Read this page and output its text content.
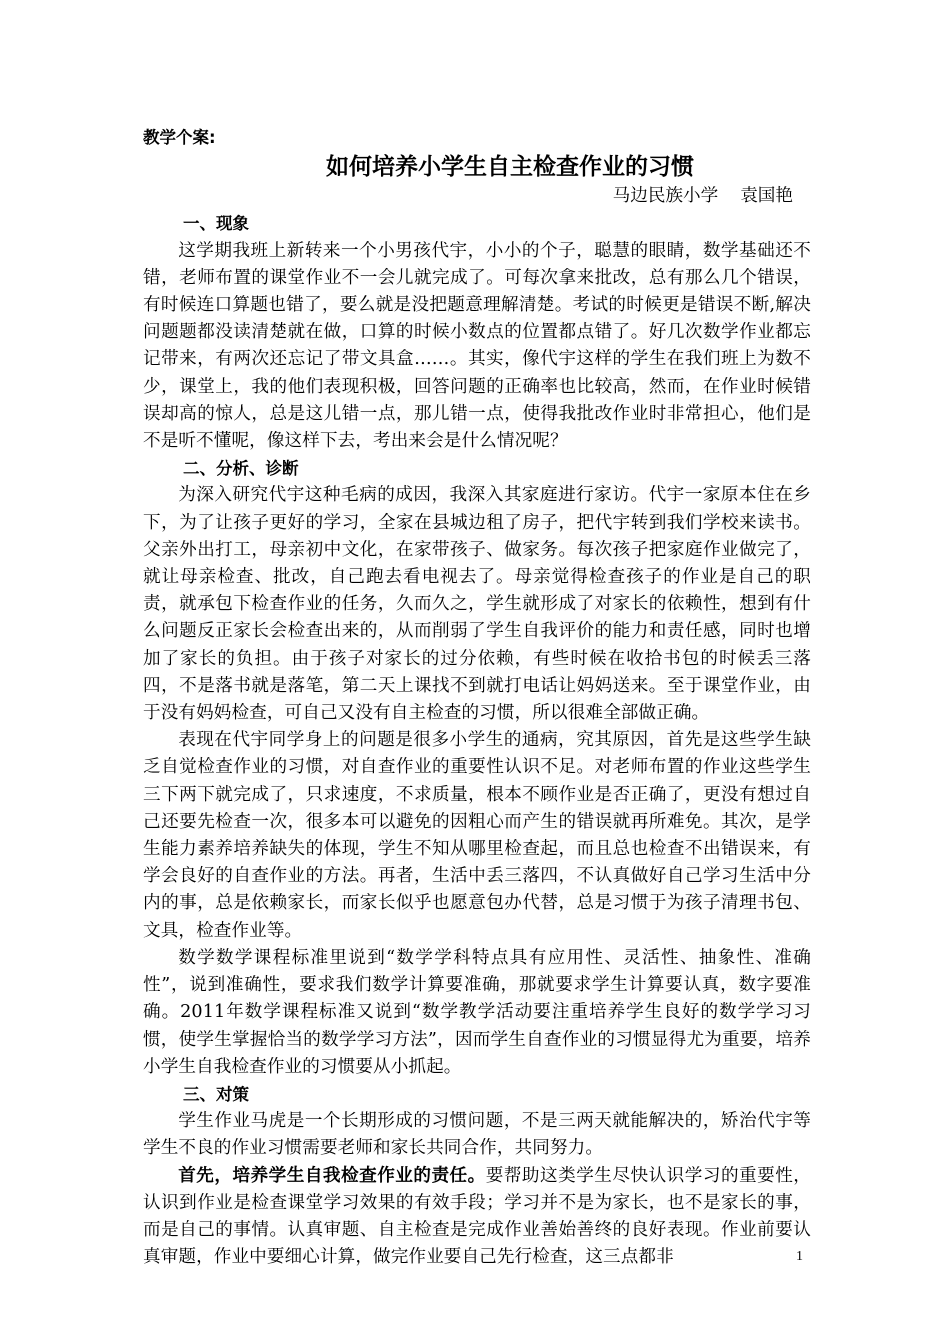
教学个案:

如何培养小学生自主检查作业的习惯

马边民族小学 袁国艳

一、现象

这学期我班上新转来一个小男孩代宇，小小的个子，聪慧的眼睛，数学基础还不错，老师布置的课堂作业不一会儿就完成了。可每次拿来批改，总有那么几个错误，有时候连口算题也错了，要么就是没把题意理解清楚。考试的时候更是错误不断,解决问题题都没读清楚就在做，口算的时候小数点的位置都点错了。好几次数学作业都忘记带来，有两次还忘记了带文具盒……。其实，像代宇这样的学生在我们班上为数不少，课堂上，我的他们表现积极，回答问题的正确率也比较高，然而，在作业时候错误却高的惊人，总是这儿错一点，那儿错一点，使得我批改作业时非常担心，他们是不是听不懂呢，像这样下去，考出来会是什么情况呢？

二、分析、诊断

为深入研究代宇这种毛病的成因，我深入其家庭进行家访。代宇一家原本住在乡下，为了让孩子更好的学习，全家在县城边租了房子，把代宇转到我们学校来读书。父亲外出打工，母亲初中文化，在家带孩子、做家务。每次孩子把家庭作业做完了，就让母亲检查、批改，自己跑去看电视去了。母亲觉得检查孩子的作业是自己的职责，就承包下检查作业的任务，久而久之，学生就形成了对家长的依赖性，想到有什么问题反正家长会检查出来的，从而削弱了学生自我评价的能力和责任感，同时也增加了家长的负担。由于孩子对家长的过分依赖，有些时候在收拾书包的时候丢三落四，不是落书就是落笔，第二天上课找不到就打电话让妈妈送来。至于课堂作业，由于没有妈妈检查，可自己又没有自主检查的习惯，所以很难全部做正确。

表现在代宇同学身上的问题是很多小学生的通病，究其原因，首先是这些学生缺乏自觉检查作业的习惯，对自查作业的重要性认识不足。对老师布置的作业这些学生三下两下就完成了，只求速度，不求质量，根本不顾作业是否正确了，更没有想过自己还要先检查一次，很多本可以避免的因粗心而产生的错误就再所难免。其次，是学生能力素养培养缺失的体现，学生不知从哪里检查起，而且总也检查不出错误来，有学会良好的自查作业的方法。再者，生活中丢三落四，不认真做好自己学习生活中分内的事，总是依赖家长，而家长似乎也愿意包办代替，总是习惯于为孩子清理书包、文具，检查作业等。

数学数学课程标准里说到“数学学科特点具有应用性、灵活性、抽象性、准确性”，说到准确性，要求我们数学计算要准确，那就要求学生计算要认真，数字要准确。2011年数学课程标准又说到“数学教学活动要注重培养学生良好的数学学习习惯，使学生掌握恰当的数学学习方法”，因而学生自查作业的习惯显得尤为重要，培养小学生自我检查作业的习惯要从小抓起。

三、对策

学生作业马虎是一个长期形成的习惯问题，不是三两天就能解决的，矫治代宇等学生不良的作业习惯需要老师和家长共同合作，共同努力。

首先，培养学生自我检查作业的责任。要帮助这类学生尽快认识学习的重要性，认识到作业是检查课堂学习效果的有效手段；学习并不是为家长，也不是家长的事，而是自己的事情。认真审题、自主检查是完成作业善始善终的良好表现。作业前要认真审题，作业中要细心计算，做完作业要自己先行检查，这三点都非	1
